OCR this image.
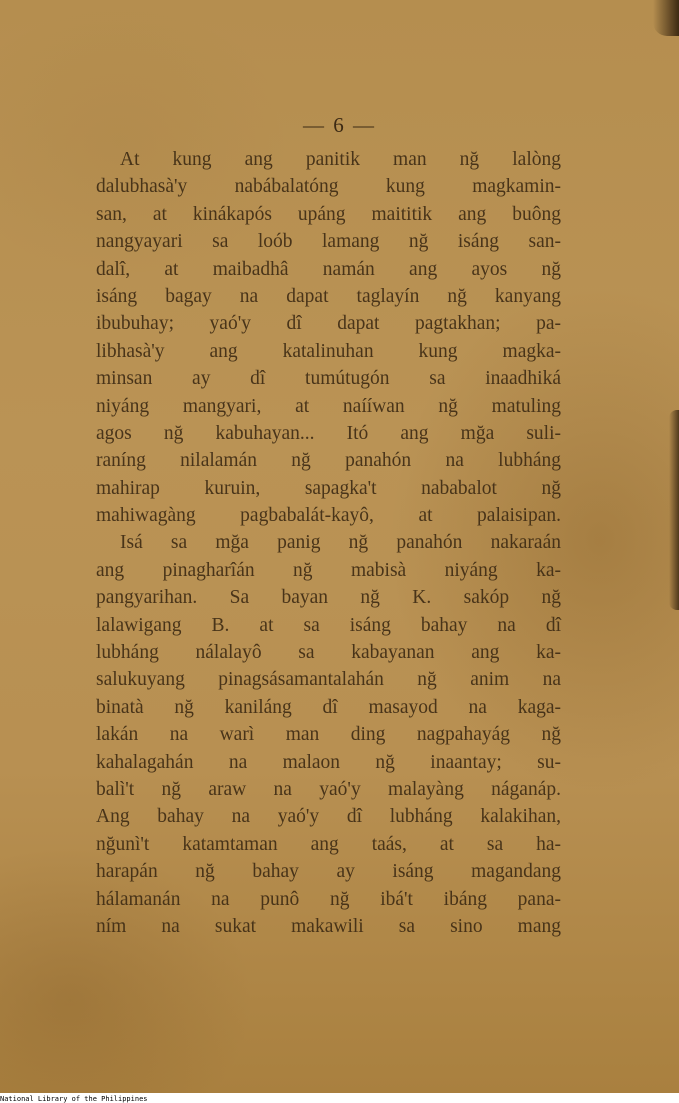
— 6 —
At kung ang panitik man nğ lalòng
dalubhasà'y nabábalatóng kung magkamin-
san, at kinákapós upáng maititik ang buông
nangyayari sa loób lamang nğ isáng san-
dalî, at maibadhâ namán ang ayos nğ
isáng bagay na dapat taglayín nğ kanyang
ibubuhay; yaó'y dî dapat pagtakhan; pa-
libhasà'y ang katalinuhan kung magka-
minsan ay dî tumútugón sa inaadhiká
niyáng mangyari, at naííwan nğ matuling
agos nğ kabuhayan... Itó ang mğa suli-
raníng nilalamán nğ panahón na lubháng
mahirap kuruin, sapagka't nababalot nğ
mahiwagàng pagbabalát-kayô, at palaisipan.
Isá sa mğa panig nğ panahón nakaraán
ang pinagharîán nğ mabisà niyáng ka-
pangyarihan. Sa bayan nğ K. sakóp nğ
lalawigang B. at sa isáng bahay na dî
lubháng nálalayô sa kabayanan ang ka-
salukuyang pinagsásamantalahán nğ anim na
binatà nğ kaniláng dî masayod na kaga-
lakán na warì man ding nagpahayág nğ
kahalagahán na malaon nğ inaantay; su-
balì't nğ araw na yaó'y malayàng náganáp.
Ang bahay na yaó'y dî lubháng kalakihan,
nğunì't katamtaman ang taás, at sa ha-
harapán nğ bahay ay isáng magandang
hálamanán na punô nğ ibá't ibáng pana-
ním na sukat makawili sa sino mang
National Library of the Philippines
